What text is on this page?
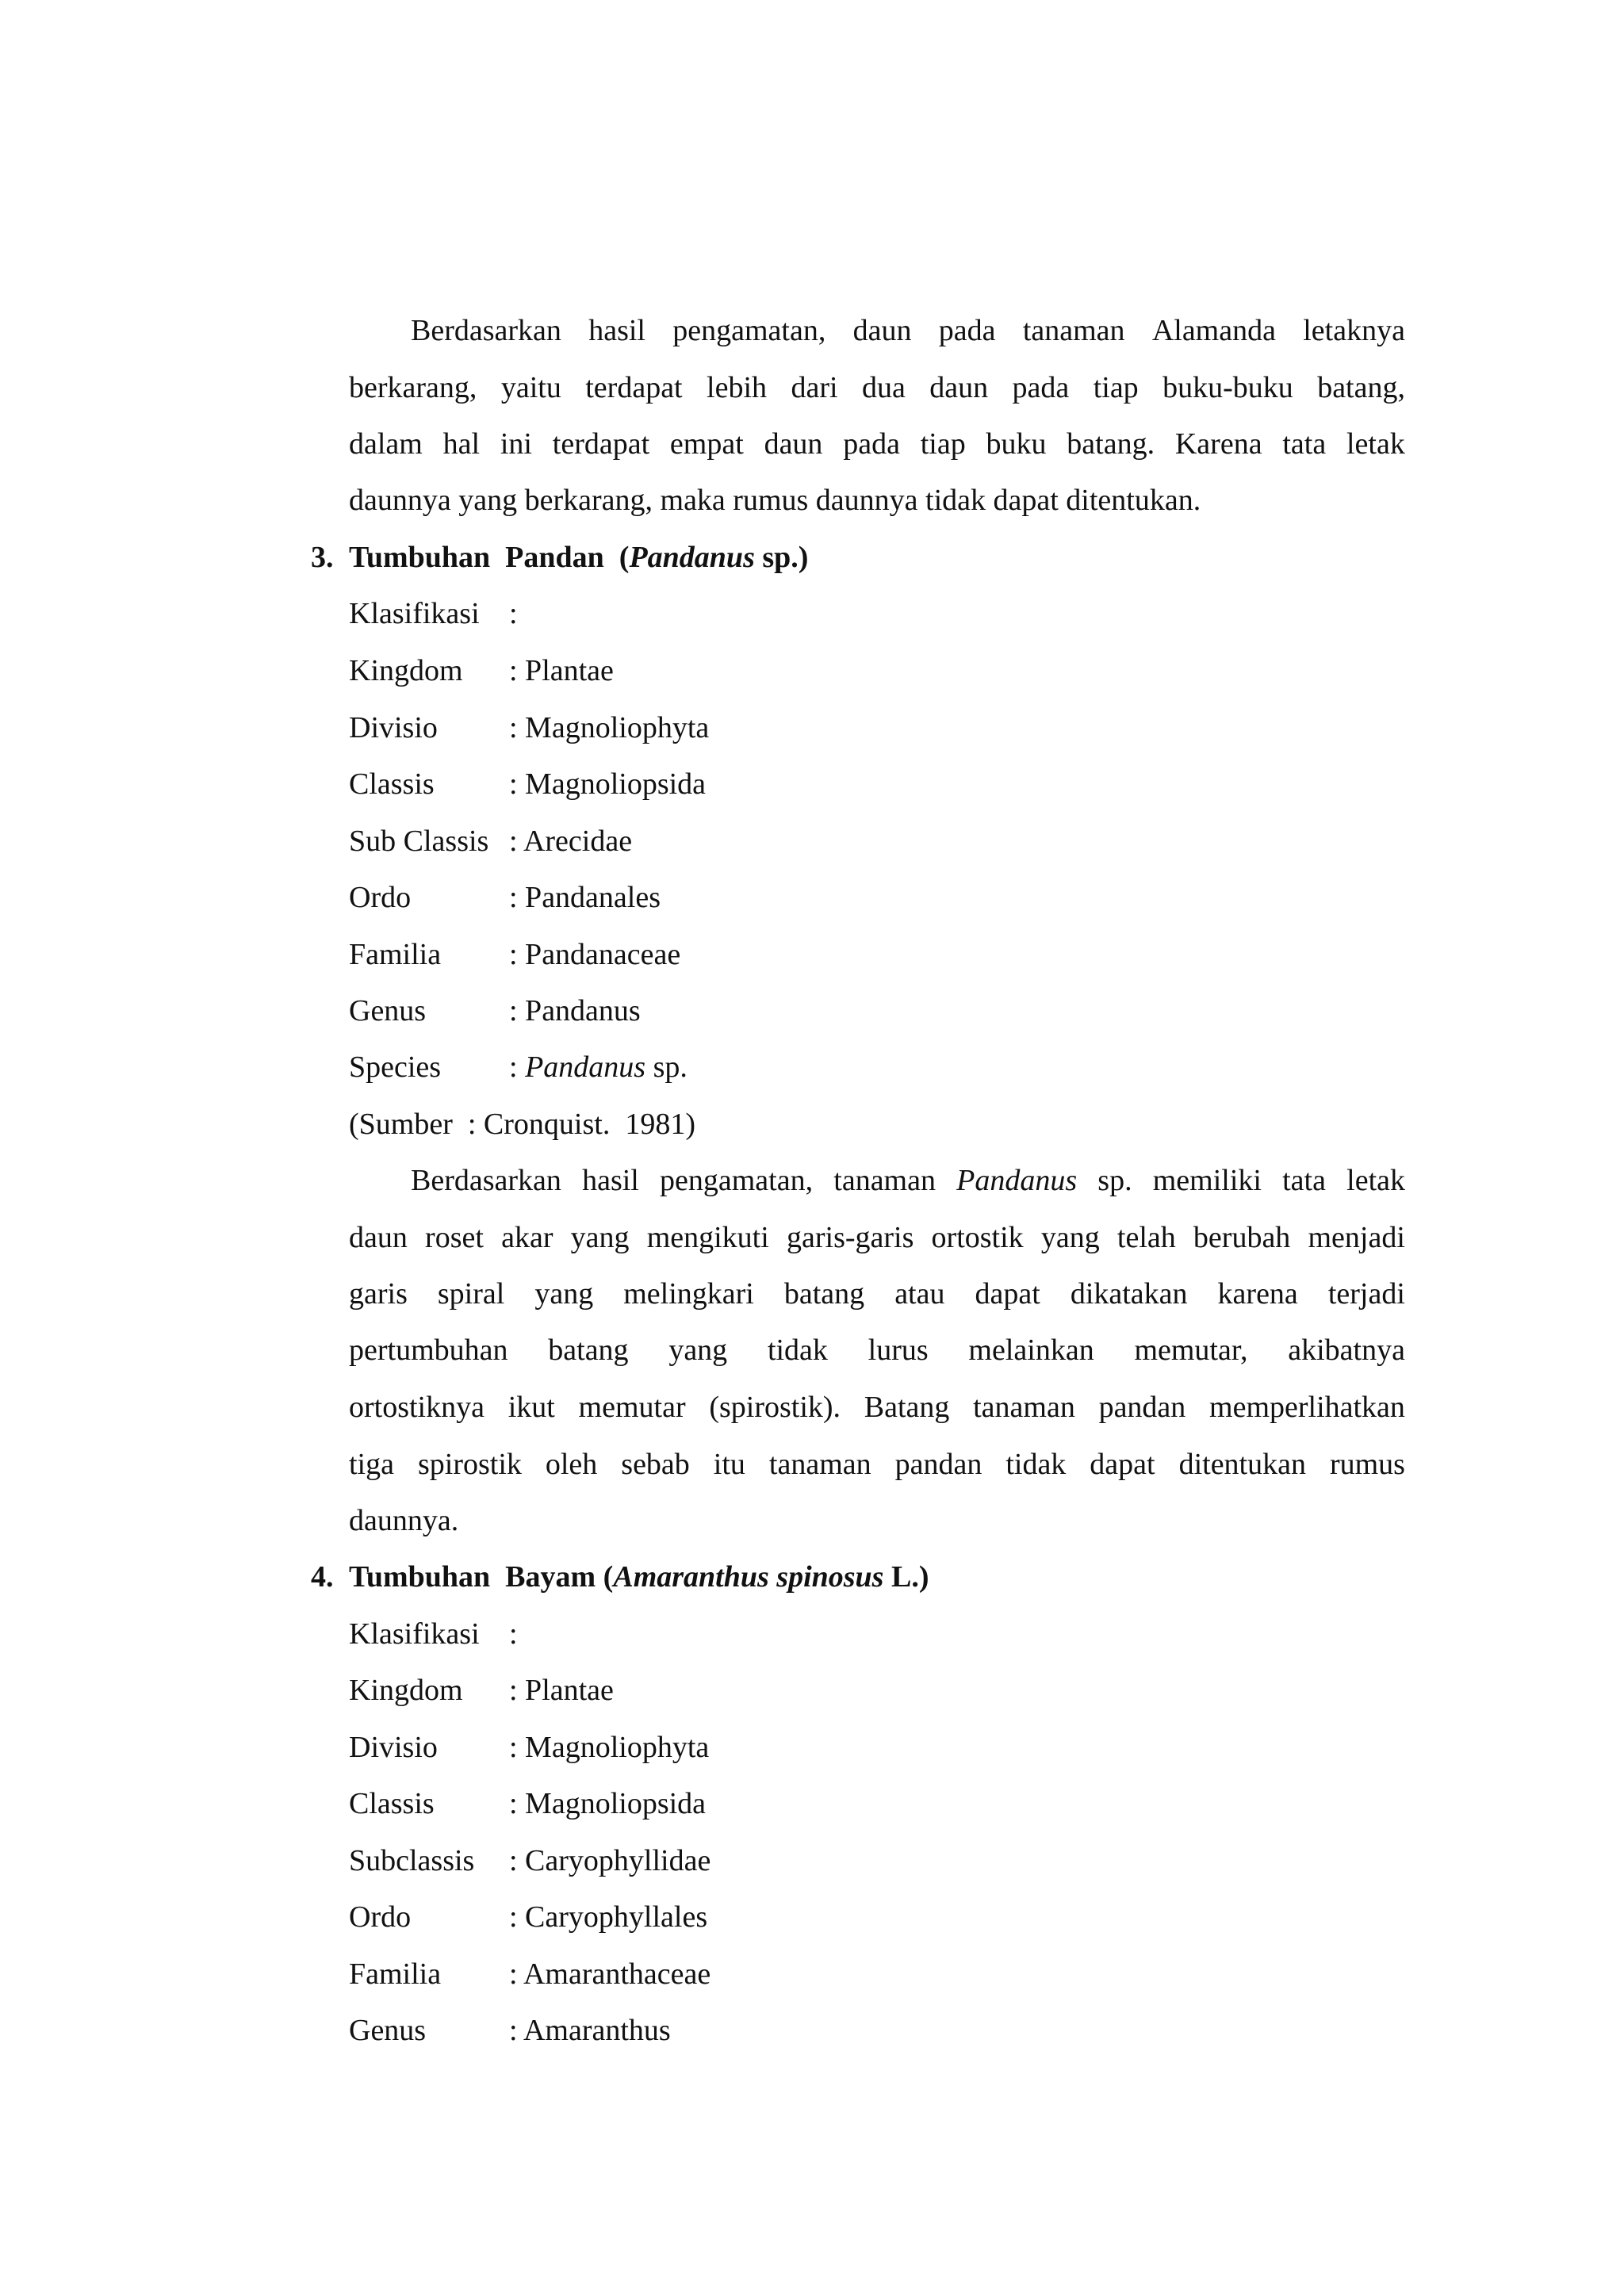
Berdasarkan hasil pengamatan, daun pada tanaman Alamanda letaknya
berkarang, yaitu terdapat lebih dari dua daun pada tiap buku-buku batang,
dalam hal ini terdapat empat daun pada tiap buku batang. Karena tata letak
daunnya yang berkarang, maka rumus daunnya tidak dapat ditentukan.
3. Tumbuhan  Pandan  (Pandanus sp.)
Klasifikasi :
Kingdom : Plantae
Divisio : Magnoliophyta
Classis : Magnoliopsida
Sub Classis : Arecidae
Ordo	: Pandanales
Familia : Pandanaceae
Genus	: Pandanus
Species : Pandanus sp.
(Sumber  : Cronquist.  1981)
Berdasarkan hasil pengamatan, tanaman Pandanus sp. memiliki tata letak
daun roset akar yang mengikuti garis-garis ortostik yang telah berubah menjadi
garis spiral yang melingkari batang atau dapat dikatakan karena terjadi
pertumbuhan batang yang tidak lurus melainkan memutar, akibatnya
ortostiknya ikut memutar (spirostik). Batang tanaman pandan memperlihatkan
tiga spirostik oleh sebab itu tanaman pandan tidak dapat ditentukan rumus
daunnya.
4. Tumbuhan  Bayam (Amaranthus spinosus L.)
Klasifikasi :
Kingdom : Plantae
Divisio : Magnoliophyta
Classis : Magnoliopsida
Subclassis : Caryophyllidae
Ordo	: Caryophyllales
Familia : Amaranthaceae
Genus	: Amaranthus
